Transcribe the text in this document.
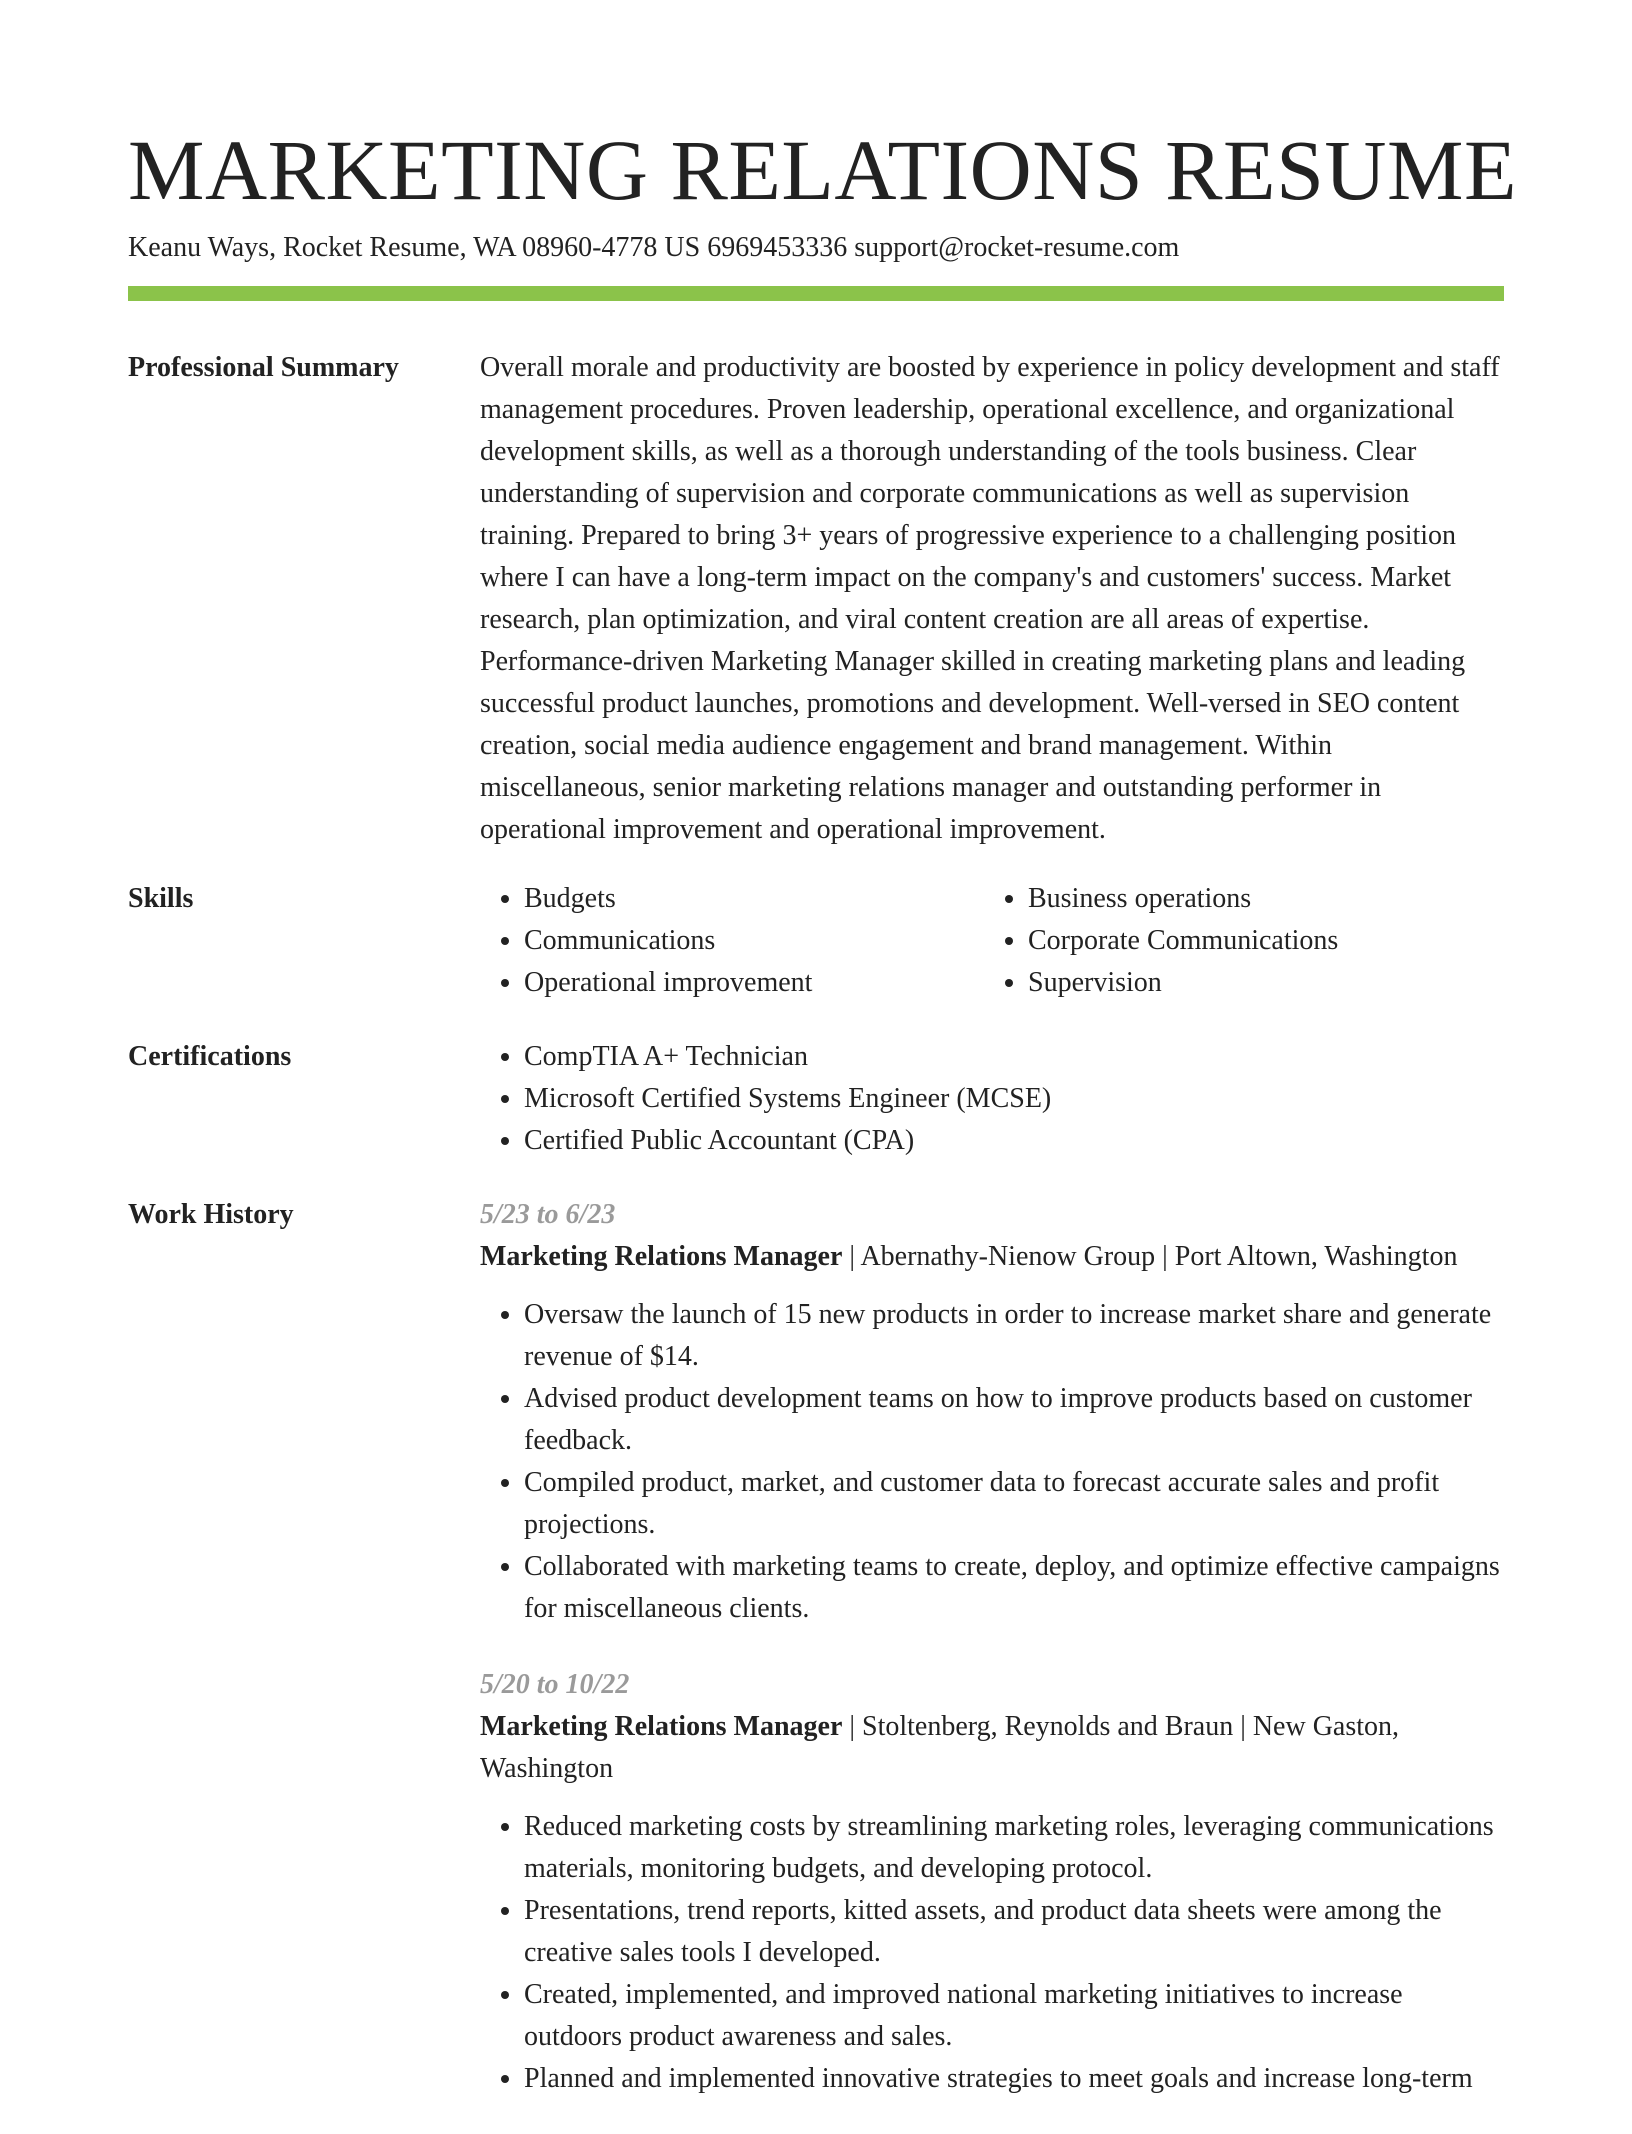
MARKETING RELATIONS RESUME
Keanu Ways, Rocket Resume, WA 08960-4778 US 6969453336 support@rocket-resume.com
Professional Summary	Overall morale and productivity are boosted by experience in policy development and staff management procedures. Proven leadership, operational excellence, and organizational development skills, as well as a thorough understanding of the tools business. Clear understanding of supervision and corporate communications as well as supervision training. Prepared to bring 3+ years of progressive experience to a challenging position where I can have a long-term impact on the company's and customers' success. Market research, plan optimization, and viral content creation are all areas of expertise. Performance-driven Marketing Manager skilled in creating marketing plans and leading successful product launches, promotions and development. Well-versed in SEO content creation, social media audience engagement and brand management. Within miscellaneous, senior marketing relations manager and outstanding performer in operational improvement and operational improvement.

Skills	• Budgets
• Communications
• Operational improvement
• Business operations
• Corporate Communications
• Supervision
Certifications	• CompTIA A+ Technician
• Microsoft Certified Systems Engineer (MCSE)
• Certified Public Accountant (CPA)
Work History	5/23 to 6/23
Marketing Relations Manager | Abernathy-Nienow Group | Port Altown, Washington
• Oversaw the launch of 15 new products in order to increase market share and generate revenue of $14.
• Advised product development teams on how to improve products based on customer feedback.
• Compiled product, market, and customer data to forecast accurate sales and profit projections.
• Collaborated with marketing teams to create, deploy, and optimize effective campaigns for miscellaneous clients.
5/20 to 10/22
Marketing Relations Manager | Stoltenberg, Reynolds and Braun | New Gaston, Washington
• Reduced marketing costs by streamlining marketing roles, leveraging communications materials, monitoring budgets, and developing protocol.
• Presentations, trend reports, kitted assets, and product data sheets were among the creative sales tools I developed.
• Created, implemented, and improved national marketing initiatives to increase outdoors product awareness and sales.
• Planned and implemented innovative strategies to meet goals and increase long-term
